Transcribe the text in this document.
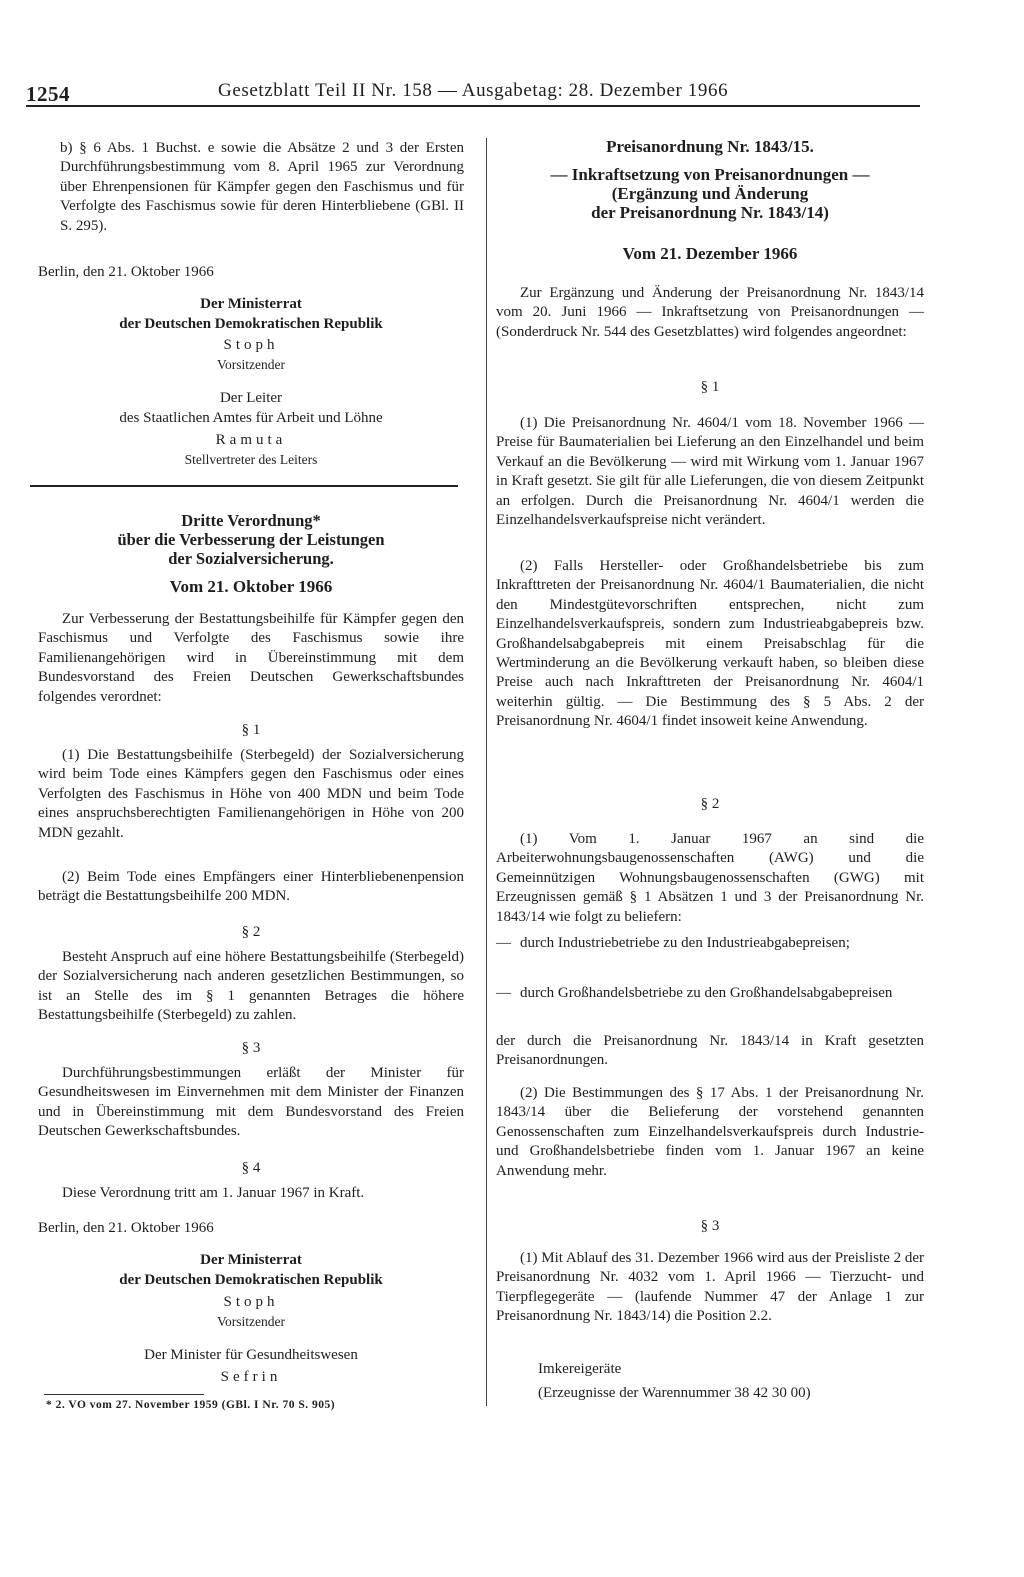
1254	Gesetzblatt Teil II Nr. 158 — Ausgabetag: 28. Dezember 1966

b) § 6 Abs. 1 Buchst. e sowie die Absätze 2 und 3 der Ersten Durchführungsbestimmung vom 8. April 1965 zur Verordnung über Ehrenpensionen für Kämpfer gegen den Faschismus und für Verfolgte des Faschismus sowie für deren Hinterbliebene (GBl. II S. 295).

Berlin, den 21. Oktober 1966

Der Ministerrat

der Deutschen Demokratischen Republik

Stoph

Vorsitzender

Der Leiter

des Staatlichen Amtes für Arbeit und Löhne

Ramuta

Stellvertreter des Leiters

Dritte Verordnung*

über die Verbesserung der Leistungen

der Sozialversicherung.

Vom 21. Oktober 1966

Zur Verbesserung der Bestattungsbeihilfe für Kämpfer gegen den Faschismus und Verfolgte des Faschismus sowie ihre Familienangehörigen wird in Übereinstimmung mit dem Bundesvorstand des Freien Deutschen Gewerkschaftsbundes folgendes verordnet:

§ 1

(1) Die Bestattungsbeihilfe (Sterbegeld) der Sozialversicherung wird beim Tode eines Kämpfers gegen den Faschismus oder eines Verfolgten des Faschismus in Höhe von 400 MDN und beim Tode eines anspruchsberechtigten Familienangehörigen in Höhe von 200 MDN gezahlt.

(2) Beim Tode eines Empfängers einer Hinterbliebenenpension beträgt die Bestattungsbeihilfe 200 MDN.

§ 2

Besteht Anspruch auf eine höhere Bestattungsbeihilfe (Sterbegeld) der Sozialversicherung nach anderen gesetzlichen Bestimmungen, so ist an Stelle des im § 1 genannten Betrages die höhere Bestattungsbeihilfe (Sterbegeld) zu zahlen.

§ 3

Durchführungsbestimmungen erläßt der Minister für Gesundheitswesen im Einvernehmen mit dem Minister der Finanzen und in Übereinstimmung mit dem Bundesvorstand des Freien Deutschen Gewerkschaftsbundes.

§ 4

Diese Verordnung tritt am 1. Januar 1967 in Kraft.

Berlin, den 21. Oktober 1966

Der Ministerrat

der Deutschen Demokratischen Republik

Stoph

Vorsitzender

Der Minister für Gesundheitswesen

Sefrin

* 2. VO vom 27. November 1959 (GBl. I Nr. 70 S. 905)

Preisanordnung Nr. 1843/15.

— Inkraftsetzung von Preisanordnungen —

(Ergänzung und Änderung

der Preisanordnung Nr. 1843/14)

Vom 21. Dezember 1966

Zur Ergänzung und Änderung der Preisanordnung Nr. 1843/14 vom 20. Juni 1966 — Inkraftsetzung von Preisanordnungen — (Sonderdruck Nr. 544 des Gesetzblattes) wird folgendes angeordnet:

§ 1

(1) Die Preisanordnung Nr. 4604/1 vom 18. November 1966 — Preise für Baumaterialien bei Lieferung an den Einzelhandel und beim Verkauf an die Bevölkerung — wird mit Wirkung vom 1. Januar 1967 in Kraft gesetzt. Sie gilt für alle Lieferungen, die von diesem Zeitpunkt an erfolgen. Durch die Preisanordnung Nr. 4604/1 werden die Einzelhandelsverkaufspreise nicht verändert.

(2) Falls Hersteller- oder Großhandelsbetriebe bis zum Inkrafttreten der Preisanordnung Nr. 4604/1 Baumaterialien, die nicht den Mindestgütevorschriften entsprechen, nicht zum Einzelhandelsverkaufspreis, sondern zum Industrieabgabepreis bzw. Großhandelsabgabepreis mit einem Preisabschlag für die Wertminderung an die Bevölkerung verkauft haben, so bleiben diese Preise auch nach Inkrafttreten der Preisanordnung Nr. 4604/1 weiterhin gültig. — Die Bestimmung des § 5 Abs. 2 der Preisanordnung Nr. 4604/1 findet insoweit keine Anwendung.

§ 2

(1) Vom 1. Januar 1967 an sind die Arbeiterwohnungsbaugenossenschaften (AWG) und die Gemeinnützigen Wohnungsbaugenossenschaften (GWG) mit Erzeugnissen gemäß § 1 Absätzen 1 und 3 der Preisanordnung Nr. 1843/14 wie folgt zu beliefern:

— durch Industriebetriebe zu den Industrieabgabepreisen;
— durch Großhandelsbetriebe zu den Großhandelsabgabepreisen

der durch die Preisanordnung Nr. 1843/14 in Kraft gesetzten Preisanordnungen.

(2) Die Bestimmungen des § 17 Abs. 1 der Preisanordnung Nr. 1843/14 über die Belieferung der vorstehend genannten Genossenschaften zum Einzelhandelsverkaufspreis durch Industrie- und Großhandelsbetriebe finden vom 1. Januar 1967 an keine Anwendung mehr.

§ 3

(1) Mit Ablauf des 31. Dezember 1966 wird aus der Preisliste 2 der Preisanordnung Nr. 4032 vom 1. April 1966 — Tierzucht- und Tierpflegegeräte — (laufende Nummer 47 der Anlage 1 zur Preisanordnung Nr. 1843/14) die Position 2.2.

Imkereigeräte

(Erzeugnisse der Warennummer 38 42 30 00)
